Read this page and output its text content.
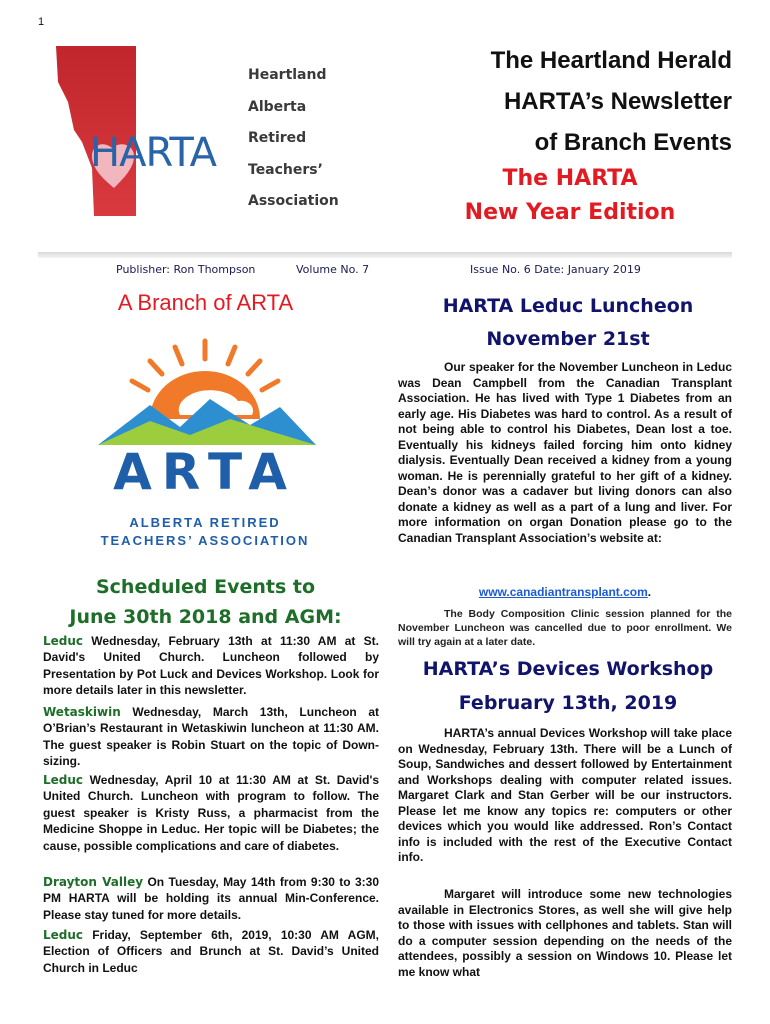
1
HARTA
Heartland
Alberta
Retired
Teachers’
Association
The Heartland Herald
HARTA’s Newsletter
of Branch Events
The HARTA
New Year Edition
Publisher: Ron Thompson	Volume No. 7	Issue No. 6 Date: January 2019
A Branch of ARTA
ARTA
ALBERTA RETIRED
TEACHERS’ ASSOCIATION
Scheduled Events to
June 30th 2018 and AGM:
Leduc Wednesday, February 13th at 11:30 AM at St. David's United Church. Luncheon followed by Presentation by Pot Luck and Devices Workshop. Look for more details later in this newsletter.
Wetaskiwin Wednesday, March 13th, Luncheon at O’Brian’s Restaurant in Wetaskiwin luncheon at 11:30 AM. The guest speaker is Robin Stuart on the topic of Down-sizing.
Leduc Wednesday, April 10 at 11:30 AM at St. David's United Church. Luncheon with program to follow. The guest speaker is Kristy Russ, a pharmacist from the Medicine Shoppe in Leduc. Her topic will be Diabetes; the cause, possible complications and care of diabetes.
Drayton Valley On Tuesday, May 14th from 9:30 to 3:30 PM HARTA will be holding its annual Min-Conference. Please stay tuned for more details.
Leduc Friday, September 6th, 2019, 10:30 AM AGM, Election of Officers and Brunch at St. David’s United Church in Leduc
HARTA Leduc Luncheon
November 21st
Our speaker for the November Luncheon in Leduc was Dean Campbell from the Canadian Transplant Association. He has lived with Type 1 Diabetes from an early age. His Diabetes was hard to control. As a result of not being able to control his Diabetes, Dean lost a toe. Eventually his kidneys failed forcing him onto kidney dialysis. Eventually Dean received a kidney from a young woman. He is perennially grateful to her gift of a kidney. Dean’s donor was a cadaver but living donors can also donate a kidney as well as a part of a lung and liver. For more information on organ Donation please go to the Canadian Transplant Association’s website at:
www.canadiantransplant.com.
The Body Composition Clinic session planned for the November Luncheon was cancelled due to poor enrollment. We will try again at a later date.
HARTA’s Devices Workshop
February 13th, 2019
HARTA’s annual Devices Workshop will take place on Wednesday, February 13th. There will be a Lunch of Soup, Sandwiches and dessert followed by Entertainment and Workshops dealing with computer related issues. Margaret Clark and Stan Gerber will be our instructors. Please let me know any topics re: computers or other devices which you would like addressed. Ron’s Contact info is included with the rest of the Executive Contact info.
Margaret will introduce some new technologies available in Electronics Stores, as well she will give help to those with issues with cellphones and tablets. Stan will do a computer session depending on the needs of the attendees, possibly a session on Windows 10. Please let me know what
